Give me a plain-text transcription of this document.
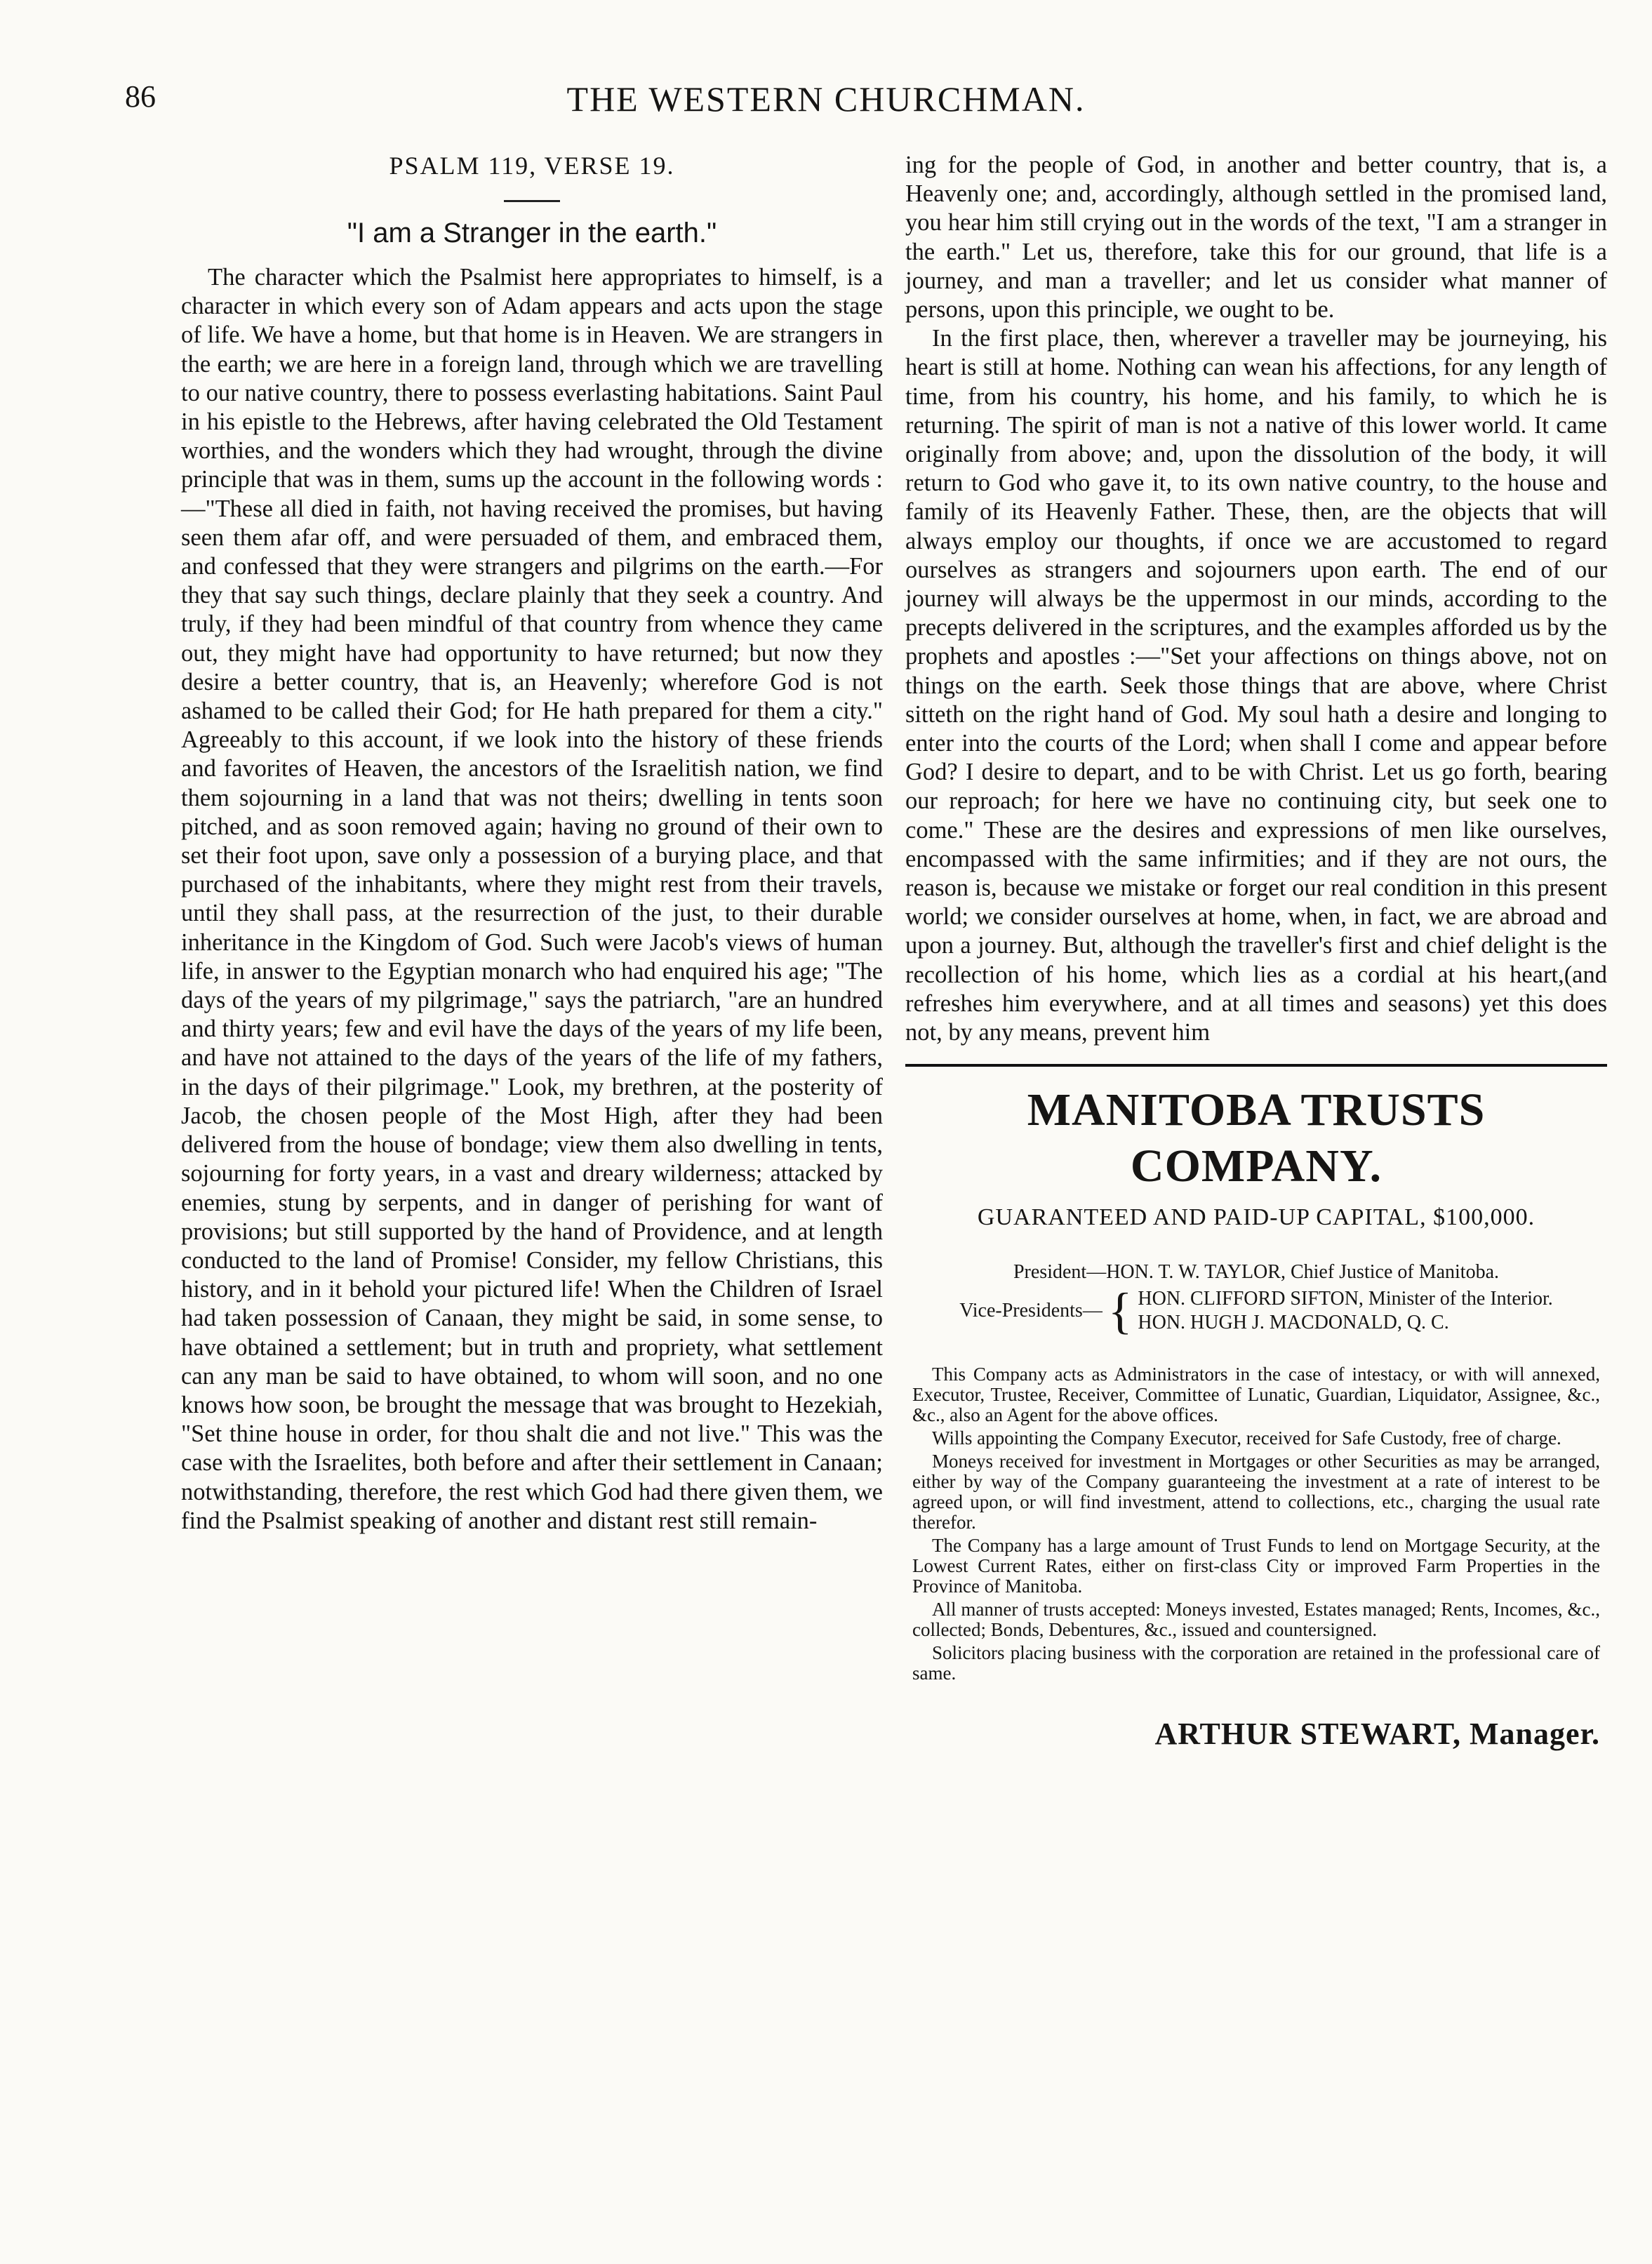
86	THE WESTERN CHURCHMAN.
PSALM 119, VERSE 19.
"I am a Stranger in the earth."

The character which the Psalmist here appropriates to himself, is a character in which every son of Adam appears and acts upon the stage of life. We have a home, but that home is in Heaven. We are strangers in the earth; we are here in a foreign land, through which we are travelling to our native country, there to possess everlasting habitations. Saint Paul in his epistle to the Hebrews, after having celebrated the Old Testament worthies, and the wonders which they had wrought, through the divine principle that was in them, sums up the account in the following words :—"These all died in faith, not having received the promises, but having seen them afar off, and were persuaded of them, and embraced them, and confessed that they were strangers and pilgrims on the earth.—For they that say such things, declare plainly that they seek a country. And truly, if they had been mindful of that country from whence they came out, they might have had opportunity to have returned; but now they desire a better country, that is, an Heavenly; wherefore God is not ashamed to be called their God; for He hath prepared for them a city." Agreeably to this account, if we look into the history of these friends and favorites of Heaven, the ancestors of the Israelitish nation, we find them sojourning in a land that was not theirs; dwelling in tents soon pitched, and as soon removed again; having no ground of their own to set their foot upon, save only a possession of a burying place, and that purchased of the inhabitants, where they might rest from their travels, until they shall pass, at the resurrection of the just, to their durable inheritance in the Kingdom of God. Such were Jacob's views of human life, in answer to the Egyptian monarch who had enquired his age; "The days of the years of my pilgrimage," says the patriarch, "are an hundred and thirty years; few and evil have the days of the years of my life been, and have not attained to the days of the years of the life of my fathers, in the days of their pilgrimage." Look, my brethren, at the posterity of Jacob, the chosen people of the Most High, after they had been delivered from the house of bondage; view them also dwelling in tents, sojourning for forty years, in a vast and dreary wilderness; attacked by enemies, stung by serpents, and in danger of perishing for want of provisions; but still supported by the hand of Providence, and at length conducted to the land of Promise! Consider, my fellow Christians, this history, and in it behold your pictured life! When the Children of Israel had taken possession of Canaan, they might be said, in some sense, to have obtained a settlement; but in truth and propriety, what settlement can any man be said to have obtained, to whom will soon, and no one knows how soon, be brought the message that was brought to Hezekiah, "Set thine house in order, for thou shalt die and not live." This was the case with the Israelites, both before and after their settlement in Canaan; notwithstanding, therefore, the rest which God had there given them, we find the Psalmist speaking of another and distant rest still remain-

ing for the people of God, in another and better country, that is, a Heavenly one; and, accordingly, although settled in the promised land, you hear him still crying out in the words of the text, "I am a stranger in the earth." Let us, therefore, take this for our ground, that life is a journey, and man a traveller; and let us consider what manner of persons, upon this principle, we ought to be.

In the first place, then, wherever a traveller may be journeying, his heart is still at home. Nothing can wean his affections, for any length of time, from his country, his home, and his family, to which he is returning. The spirit of man is not a native of this lower world. It came originally from above; and, upon the dissolution of the body, it will return to God who gave it, to its own native country, to the house and family of its Heavenly Father. These, then, are the objects that will always employ our thoughts, if once we are accustomed to regard ourselves as strangers and sojourners upon earth. The end of our journey will always be the uppermost in our minds, according to the precepts delivered in the scriptures, and the examples afforded us by the prophets and apostles :—"Set your affections on things above, not on things on the earth. Seek those things that are above, where Christ sitteth on the right hand of God. My soul hath a desire and longing to enter into the courts of the Lord; when shall I come and appear before God? I desire to depart, and to be with Christ. Let us go forth, bearing our reproach; for here we have no continuing city, but seek one to come." These are the desires and expressions of men like ourselves, encompassed with the same infirmities; and if they are not ours, the reason is, because we mistake or forget our real condition in this present world; we consider ourselves at home, when, in fact, we are abroad and upon a journey. But, although the traveller's first and chief delight is the recollection of his home, which lies as a cordial at his heart,(and refreshes him everywhere, and at all times and seasons) yet this does not, by any means, prevent him

MANITOBA TRUSTS COMPANY.
GUARANTEED AND PAID-UP CAPITAL, $100,000.
President—HON. T. W. TAYLOR, Chief Justice of Manitoba.
Vice-Presidents— { HON. CLIFFORD SIFTON, Minister of the Interior.
HON. HUGH J. MACDONALD, Q. C.

This Company acts as Administrators in the case of intestacy, or with will annexed, Executor, Trustee, Receiver, Committee of Lunatic, Guardian, Liquidator, Assignee, &c., &c., also an Agent for the above offices.

Wills appointing the Company Executor, received for Safe Custody, free of charge.

Moneys received for investment in Mortgages or other Securities as may be arranged, either by way of the Company guaranteeing the investment at a rate of interest to be agreed upon, or will find investment, attend to collections, etc., charging the usual rate therefor.

The Company has a large amount of Trust Funds to lend on Mortgage Security, at the Lowest Current Rates, either on first-class City or improved Farm Properties in the Province of Manitoba.

All manner of trusts accepted: Moneys invested, Estates managed; Rents, Incomes, &c., collected; Bonds, Debentures, &c., issued and countersigned.

Solicitors placing business with the corporation are retained in the professional care of same.

ARTHUR STEWART, Manager.
